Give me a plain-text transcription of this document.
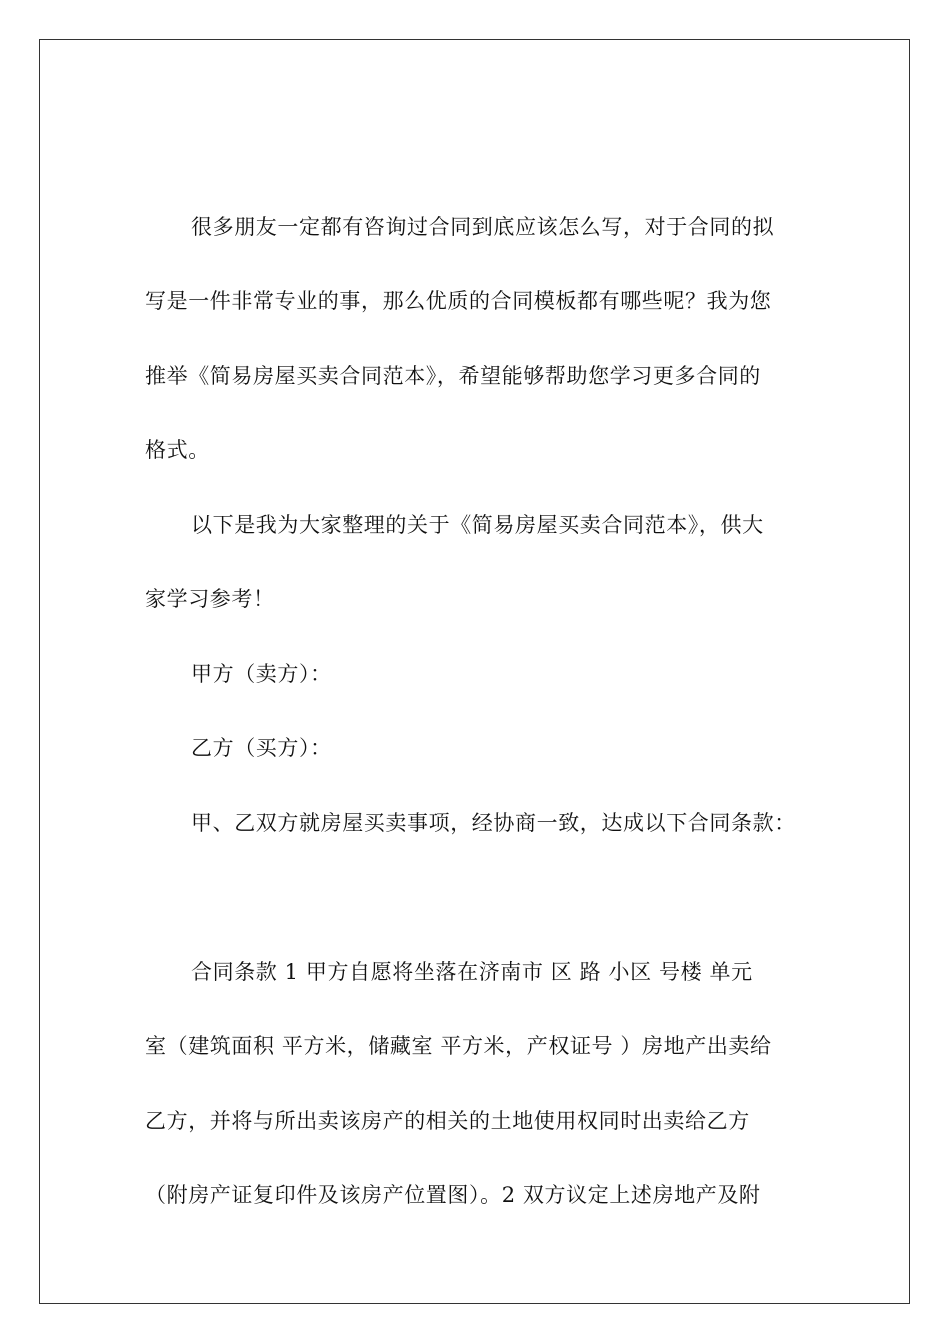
很多朋友一定都有咨询过合同到底应该怎么写，对于合同的拟
写是一件非常专业的事，那么优质的合同模板都有哪些呢？我为您
推举《简易房屋买卖合同范本》，希望能够帮助您学习更多合同的
格式。
以下是我为大家整理的关于《简易房屋买卖合同范本》，供大
家学习参考！
甲方（卖方）：
乙方（买方）：
甲、乙双方就房屋买卖事项，经协商一致，达成以下合同条款：
合同条款 1 甲方自愿将坐落在济南市 区 路 小区 号楼 单元
室（建筑面积 平方米，储藏室 平方米，产权证号 ）房地产出卖给
乙方，并将与所出卖该房产的相关的土地使用权同时出卖给乙方
（附房产证复印件及该房产位置图）。2 双方议定上述房地产及附
